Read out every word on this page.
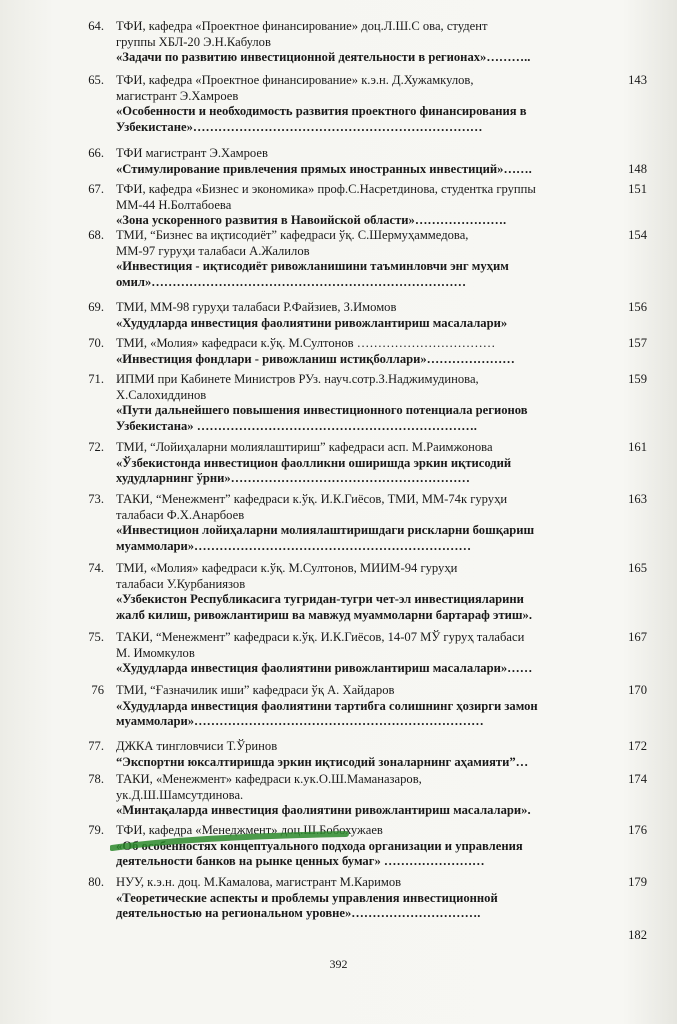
64. ТФИ, кафедра «Проектное финансирование» доц.Л.Ш.С ова, студент
группы ХБЛ-20 Э.Н.Кабулов
«Задачи по развитию инвестиционной деятельности в регионах»………..
65. ТФИ, кафедра «Проектное финансирование» к.э.н. Д.Хужамкулов,
магистрант Э.Хамроев
«Особенности и необходимость развития проектного финансирования в
Узбекистане»……………………………………………………………
143
66. ТФИ магистрант Э.Хамроев
«Стимулирование привлечения прямых иностранных инвестиций»…….	148
67. ТФИ, кафедра «Бизнес и экономика» проф.С.Насретдинова, студентка группы
ММ-44 Н.Болтабоева
«Зона ускоренного развития в Навоийской области»………………….
151
68. ТМИ, “Бизнес ва иқтисодиёт” кафедраси ўқ. С.Шермуҳаммедова,
ММ-97 гуруҳи талабаси А.Жалилов
«Инвестиция - иқтисодиёт ривожланишини таъминловчи энг муҳим
омил»…………………………………………………………………
154
69. ТМИ, ММ-98 гуруҳи талабаси Р.Файзиев, З.Имомов
«Худудларда инвестиция фаолиятини ривожлантириш масалалари»
156
70. ТМИ, «Молия» кафедраси к.ўқ. М.Султонов ……………………………
«Инвестиция фондлари - ривожланиш истиқболлари»…………………
157
71. ИПМИ при Кабинете Министров РУз. науч.сотр.З.Наджимудинова,
Х.Салохиддинов
«Пути дальнейшего повышения инвестиционного потенциала регионов
Узбекистана» ………………………………………………………….
159
72. ТМИ, “Лойиҳаларни молиялаштириш” кафедраси асп. М.Раимжонова
«Ўзбекистонда инвестицион фаолликни оширишда эркин иқтисодий
худудларнинг ўрни»…………………………………………………
161
73. ТАКИ, “Менежмент” кафедраси к.ўқ. И.К.Гиёсов, ТМИ, ММ-74к гуруҳи
талабаси Ф.Х.Анарбоев
«Инвестицион лойиҳаларни молиялаштиришдаги рискларни бошқариш
муаммолари»…………………………………………………………
163
74. ТМИ, «Молия» кафедраси к.ўқ. М.Султонов, МИИМ-94 гуруҳи
талабаси У.Курбаниязов
«Узбекистон Республикасига тугридан-тугри чет-эл инвестицияларини
жалб килиш, ривожлантириш ва мавжуд муаммоларни бартараф этиш».
165
75. ТАКИ, “Менежмент” кафедраси к.ўқ. И.К.Гиёсов, 14-07 МЎ гуруҳ талабаси
М. Имомкулов
«Худудларда инвестиция фаолиятини ривожлантириш масалалари»……
167
76 ТМИ, “Ғазначилик иши” кафедраси ўқ А. Хайдаров
«Худудларда инвестиция фаолиятини тартибга солишнинг ҳозирги замон
муаммолари»……………………………………………………………
170
77. ДЖКА тингловчиси Т.Ўринов
“Экспортни юксалтиришда эркин иқтисодий зоналарнинг аҳамияти”…
172
78. ТАКИ, «Менежмент» кафедраси к.ук.О.Ш.Маманазаров,
ук.Д.Ш.Шамсутдинова.
«Минтақаларда инвестиция фаолиятини ривожлантириш масалалари».
174
79. ТФИ, кафедра «Менеджмент» доц.Ш.Бобохужаев
«Об особенностях концептуального подхода организации и управления
деятельности банков на рынке ценных бумаг» ……………………
176
80. НУУ, к.э.н. доц. М.Камалова, магистрант М.Каримов
«Теоретические аспекты и проблемы управления инвестиционной
деятельностью на региональном уровне»………………………….
179
182
392
